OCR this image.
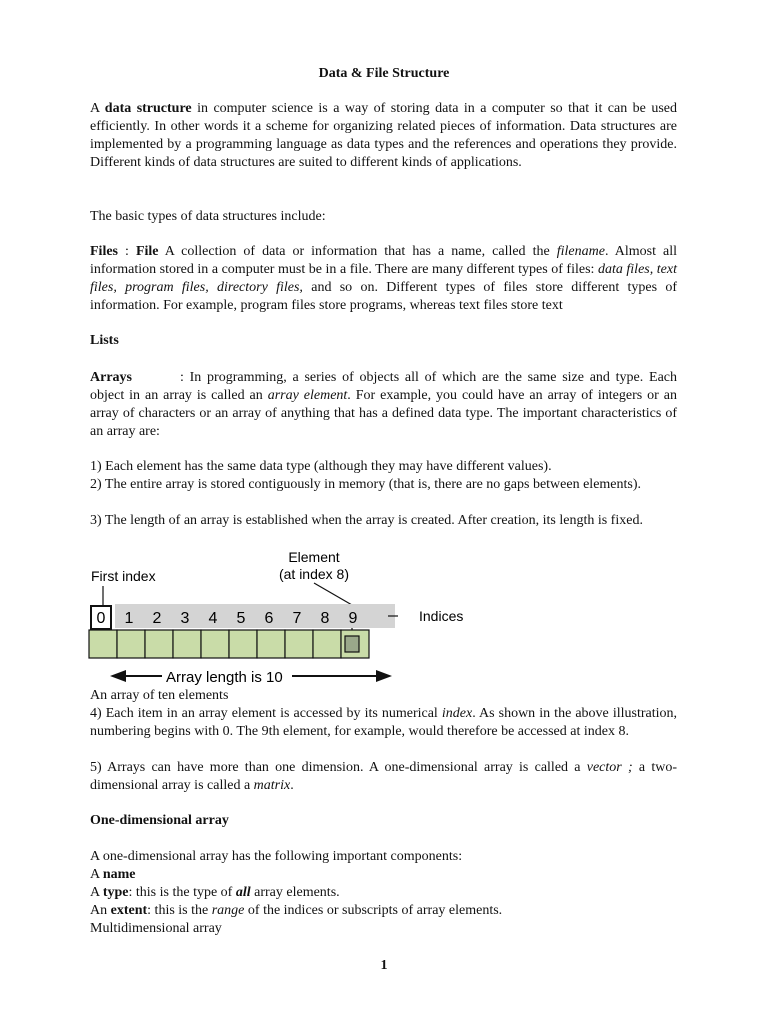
Data & File Structure

A data structure in computer science is a way of storing data in a computer so that it can be used efficiently. In other words it a scheme for organizing related pieces of information. Data structures are implemented by a programming language as data types and the references and operations they provide. Different kinds of data structures are suited to different kinds of applications.

The basic types of data structures include:

Files : File A collection of data or information that has a name, called the filename. Almost all information stored in a computer must be in a file. There are many different types of files: data files, text files, program files, directory files, and so on. Different types of files store different types of information. For example, program files store programs, whereas text files store text

Lists

Arrays	: In programming, a series of objects all of which are the same size and type. Each object in an array is called an array element. For example, you could have an array of integers or an array of characters or an array of anything that has a defined data type. The important characteristics of an array are:

1) Each element has the same data type (although they may have different values).

2) The entire array is stored contiguously in memory (that is, there are no gaps between elements).

3) The length of an array is established when the array is created. After creation, its length is fixed.

First index
Element
(at index 8)
0 1 2 3 4 5 6 7 8 9	Indices
Array length is 10

An array of ten elements

4) Each item in an array element is accessed by its numerical index. As shown in the above illustration, numbering begins with 0. The 9th element, for example, would therefore be accessed at index 8.

5) Arrays can have more than one dimension. A one-dimensional array is called a vector ; a two-dimensional array is called a matrix.

One-dimensional array

A one-dimensional array has the following important components:

A name

A type: this is the type of all array elements.

An extent: this is the range of the indices or subscripts of array elements.

Multidimensional array

1
